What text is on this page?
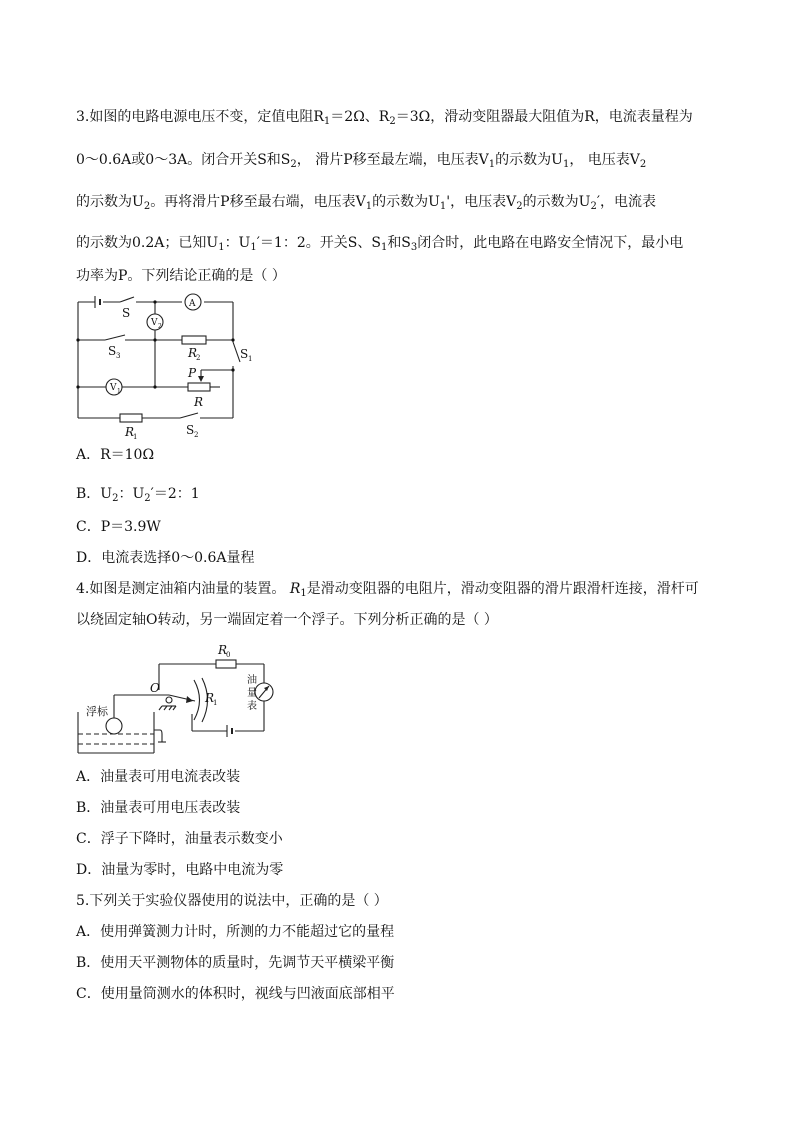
3.如图的电路电源电压不变，定值电阻$R_1=2\Omega$、$R_2=3\Omega$，滑动变阻器最大阻值为R，电流表量程为
0～0.6A或0～3A。闭合开关S和$S_2$， 滑片P移至最左端，电压表$V_1$的示数为$U_1$， 电压表$V_2$
的示数为$U_2$。再将滑片P移至最右端，电压表$V_1$的示数为$U_1'$，电压表$V_2$的示数为$U_2'$，电流表
的示数为0.2A；已知$U_1$：$U_1'=1$：2。开关S、$S_1$和$S_3$闭合时，此电路在电路安全情况下，最小电
功率为P。下列结论正确的是（ ）
S
A
V 2
S 3	R
2	S 1
P
V 1
R
R
1	S 2
A．R＝10Ω
B．$U_2$：$U_2'=2$：1
C．P＝3.9W
D．电流表选择0～0.6A量程
4.如图是测定油箱内油量的装置。 $R_1$是滑动变阻器的电阻片，滑动变阻器的滑片跟滑杆连接，滑杆可
以绕固定轴O转动，另一端固定着一个浮子。下列分析正确的是（ ）
R
0
O
R
1
浮标
油
量
表
A．油量表可用电流表改装
B．油量表可用电压表改装
C．浮子下降时，油量表示数变小
D．油量为零时，电路中电流为零
5.下列关于实验仪器使用的说法中，正确的是（ ）
A．使用弹簧测力计时，所测的力不能超过它的量程
B．使用天平测物体的质量时，先调节天平横梁平衡
C．使用量筒测水的体积时，视线与凹液面底部相平
